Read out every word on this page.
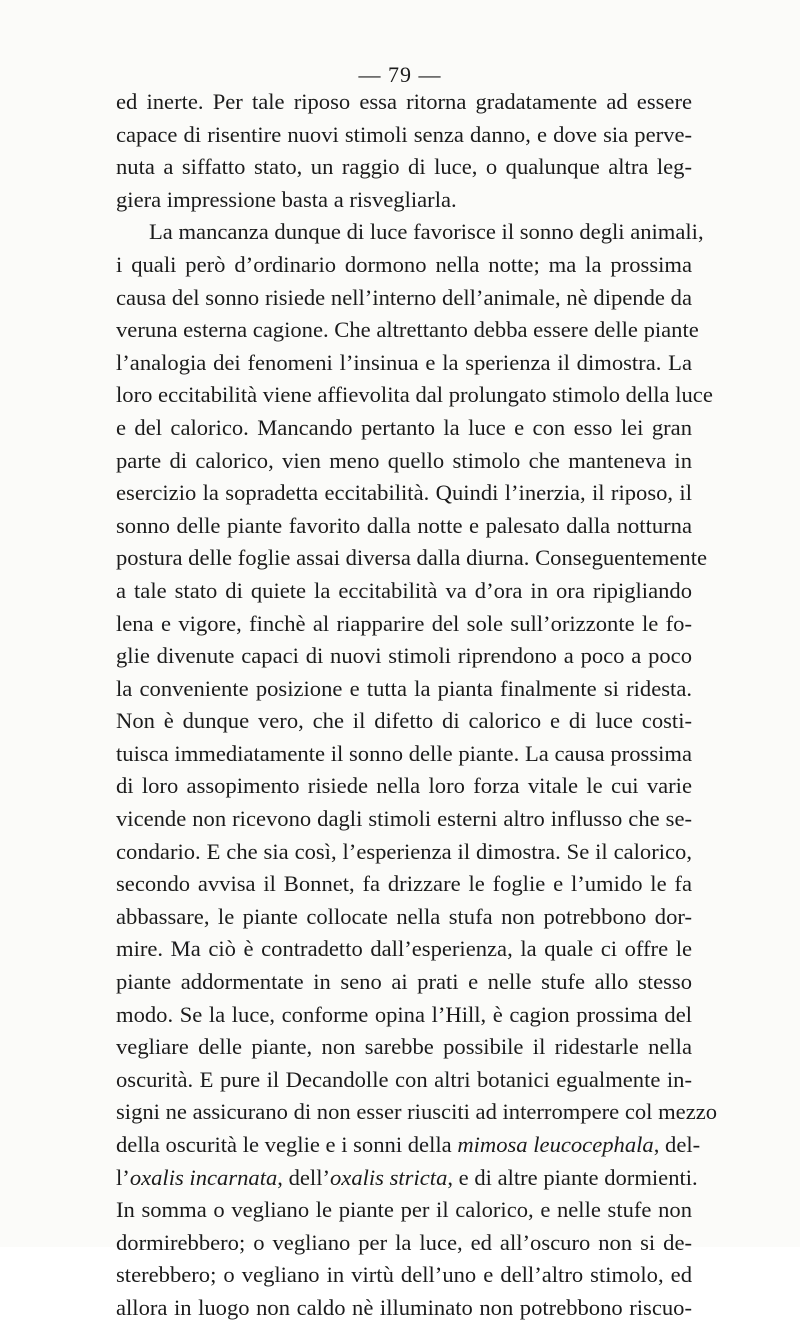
— 79 —
ed inerte. Per tale riposo essa ritorna gradatamente ad essere
capace di risentire nuovi stimoli senza danno, e dove sia perve-
nuta a siffatto stato, un raggio di luce, o qualunque altra leg-
giera impressione basta a risvegliarla.
La mancanza dunque di luce favorisce il sonno degli animali,
i quali però d’ordinario dormono nella notte; ma la prossima
causa del sonno risiede nell’interno dell’animale, nè dipende da
veruna esterna cagione. Che altrettanto debba essere delle piante
l’analogia dei fenomeni l’insinua e la sperienza il dimostra. La
loro eccitabilità viene affievolita dal prolungato stimolo della luce
e del calorico. Mancando pertanto la luce e con esso lei gran
parte di calorico, vien meno quello stimolo che manteneva in
esercizio la sopradetta eccitabilità. Quindi l’inerzia, il riposo, il
sonno delle piante favorito dalla notte e palesato dalla notturna
postura delle foglie assai diversa dalla diurna. Conseguentemente
a tale stato di quiete la eccitabilità va d’ora in ora ripigliando
lena e vigore, finchè al riapparire del sole sull’orizzonte le fo-
glie divenute capaci di nuovi stimoli riprendono a poco a poco
la conveniente posizione e tutta la pianta finalmente si ridesta.
Non è dunque vero, che il difetto di calorico e di luce costi-
tuisca immediatamente il sonno delle piante. La causa prossima
di loro assopimento risiede nella loro forza vitale le cui varie
vicende non ricevono dagli stimoli esterni altro influsso che se-
condario. E che sia così, l’esperienza il dimostra. Se il calorico,
secondo avvisa il Bonnet, fa drizzare le foglie e l’umido le fa
abbassare, le piante collocate nella stufa non potrebbono dor-
mire. Ma ciò è contradetto dall’esperienza, la quale ci offre le
piante addormentate in seno ai prati e nelle stufe allo stesso
modo. Se la luce, conforme opina l’Hill, è cagion prossima del
vegliare delle piante, non sarebbe possibile il ridestarle nella
oscurità. E pure il Decandolle con altri botanici egualmente in-
signi ne assicurano di non esser riusciti ad interrompere col mezzo
della oscurità le veglie e i sonni della mimosa leucocephala, del-
l’oxalis incarnata, dell’oxalis stricta, e di altre piante dormienti.
In somma o vegliano le piante per il calorico, e nelle stufe non
dormirebbero; o vegliano per la luce, ed all’oscuro non si de-
sterebbero; o vegliano in virtù dell’uno e dell’altro stimolo, ed
allora in luogo non caldo nè illuminato non potrebbono riscuo-
